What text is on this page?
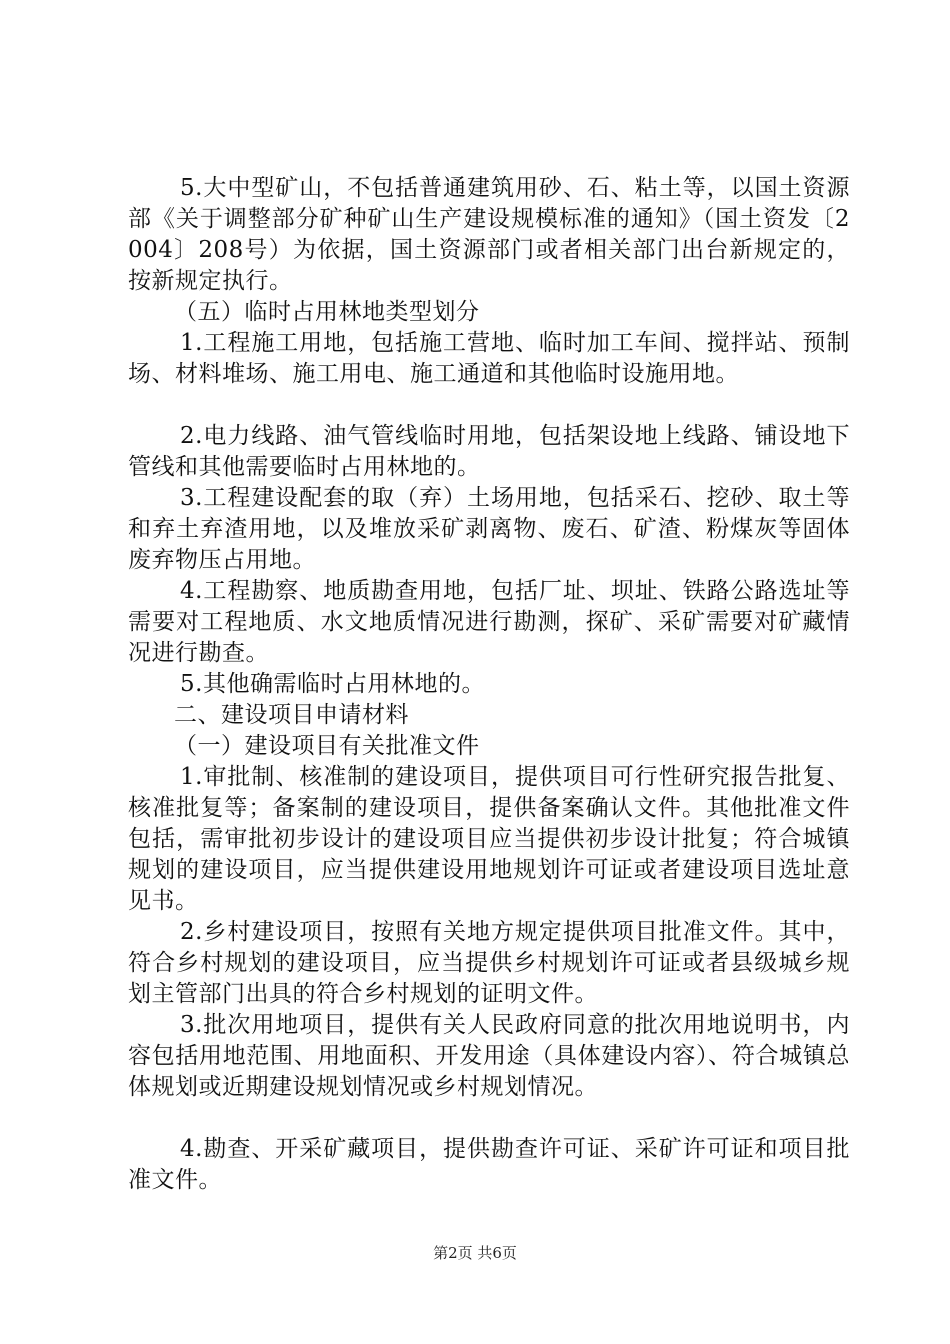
5.大中型矿山，不包括普通建筑用砂、石、粘土等，以国土资源部《关于调整部分矿种矿山生产建设规模标准的通知》（国土资发〔2004〕208号）为依据，国土资源部门或者相关部门出台新规定的，按新规定执行。

（五）临时占用林地类型划分

1.工程施工用地，包括施工营地、临时加工车间、搅拌站、预制场、材料堆场、施工用电、施工通道和其他临时设施用地。

2.电力线路、油气管线临时用地，包括架设地上线路、铺设地下管线和其他需要临时占用林地的。

3.工程建设配套的取（弃）土场用地，包括采石、挖砂、取土等和弃土弃渣用地，以及堆放采矿剥离物、废石、矿渣、粉煤灰等固体废弃物压占用地。

4.工程勘察、地质勘查用地，包括厂址、坝址、铁路公路选址等需要对工程地质、水文地质情况进行勘测，探矿、采矿需要对矿藏情况进行勘查。

5.其他确需临时占用林地的。

二、建设项目申请材料

（一）建设项目有关批准文件

1.审批制、核准制的建设项目，提供项目可行性研究报告批复、核准批复等；备案制的建设项目，提供备案确认文件。其他批准文件包括，需审批初步设计的建设项目应当提供初步设计批复；符合城镇规划的建设项目，应当提供建设用地规划许可证或者建设项目选址意见书。

2.乡村建设项目，按照有关地方规定提供项目批准文件。其中，符合乡村规划的建设项目，应当提供乡村规划许可证或者县级城乡规划主管部门出具的符合乡村规划的证明文件。

3.批次用地项目，提供有关人民政府同意的批次用地说明书，内容包括用地范围、用地面积、开发用途（具体建设内容）、符合城镇总体规划或近期建设规划情况或乡村规划情况。

4.勘查、开采矿藏项目，提供勘查许可证、采矿许可证和项目批准文件。

第2页 共6页
